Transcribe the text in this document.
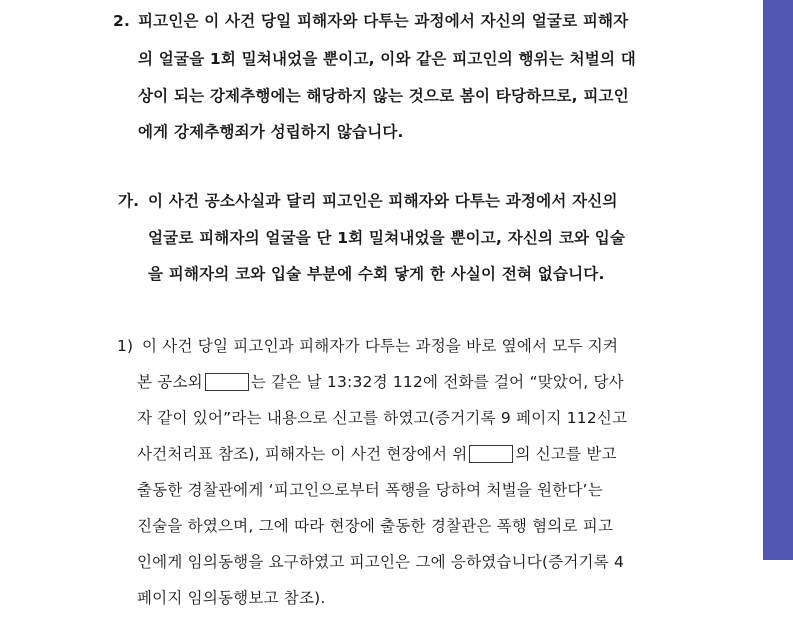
2. 피고인은 이 사건 당일 피해자와 다투는 과정에서 자신의 얼굴로 피해자
의 얼굴을 1회 밀쳐내었을 뿐이고, 이와 같은 피고인의 행위는 처벌의 대
상이 되는 강제추행에는 해당하지 않는 것으로 봄이 타당하므로, 피고인
에게 강제추행죄가 성립하지 않습니다.
가. 이 사건 공소사실과 달리 피고인은 피해자와 다투는 과정에서 자신의
얼굴로 피해자의 얼굴을 단 1회 밀쳐내었을 뿐이고, 자신의 코와 입술
을 피해자의 코와 입술 부분에 수회 닿게 한 사실이 전혀 없습니다.
1) 이 사건 당일 피고인과 피해자가 다투는 과정을 바로 옆에서 모두 지켜
본 공소외	는 같은 날 13:32경 112에 전화를 걸어 “맞았어, 당사
자 같이 있어”라는 내용으로 신고를 하였고(증거기록 9 페이지 112신고
사건처리표 참조), 피해자는 이 사건 현장에서 위	의 신고를 받고
출동한 경찰관에게 ‘피고인으로부터 폭행을 당하여 처벌을 원한다’는
진술을 하였으며, 그에 따라 현장에 출동한 경찰관은 폭행 혐의로 피고
인에게 임의동행을 요구하였고 피고인은 그에 응하였습니다(증거기록 4
페이지 임의동행보고 참조).
